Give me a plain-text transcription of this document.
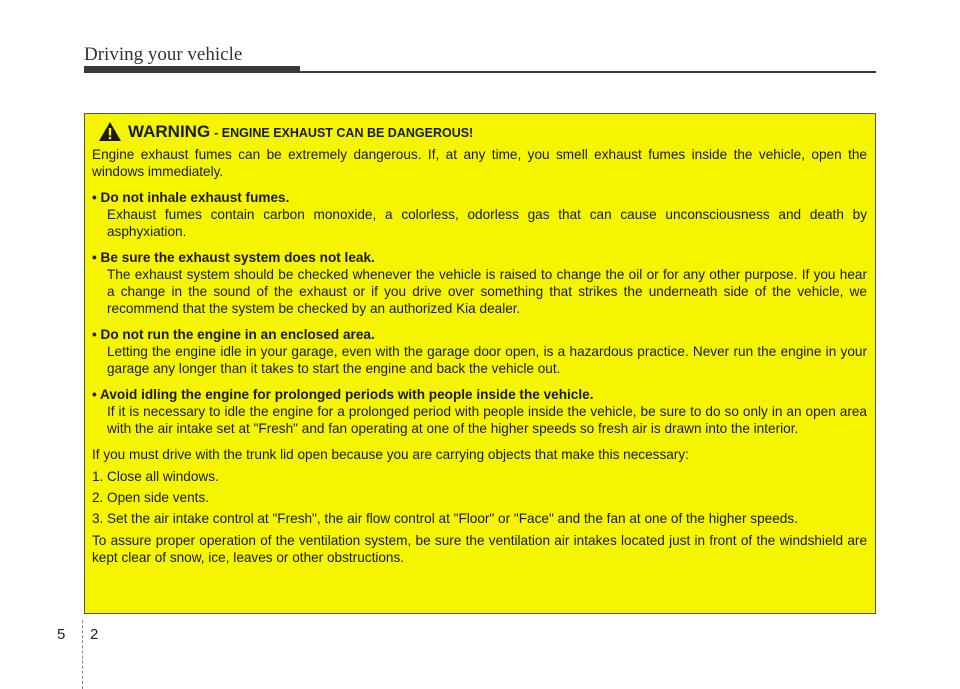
Driving your vehicle
WARNING - ENGINE EXHAUST CAN BE DANGEROUS!

Engine exhaust fumes can be extremely dangerous. If, at any time, you smell exhaust fumes inside the vehicle, open the windows immediately.

• Do not inhale exhaust fumes.

Exhaust fumes contain carbon monoxide, a colorless, odorless gas that can cause unconsciousness and death by asphyxiation.

• Be sure the exhaust system does not leak.

The exhaust system should be checked whenever the vehicle is raised to change the oil or for any other purpose. If you hear a change in the sound of the exhaust or if you drive over something that strikes the underneath side of the vehicle, we recommend that the system be checked by an authorized Kia dealer.

• Do not run the engine in an enclosed area.

Letting the engine idle in your garage, even with the garage door open, is a hazardous practice. Never run the engine in your garage any longer than it takes to start the engine and back the vehicle out.

• Avoid idling the engine for prolonged periods with people inside the vehicle.

If it is necessary to idle the engine for a prolonged period with people inside the vehicle, be sure to do so only in an open area with the air intake set at "Fresh" and fan operating at one of the higher speeds so fresh air is drawn into the interior.

If you must drive with the trunk lid open because you are carrying objects that make this necessary:

1. Close all windows.
2. Open side vents.
3. Set the air intake control at "Fresh", the air flow control at "Floor" or "Face" and the fan at one of the higher speeds.

To assure proper operation of the ventilation system, be sure the ventilation air intakes located just in front of the windshield are kept clear of snow, ice, leaves or other obstructions.

5 2
